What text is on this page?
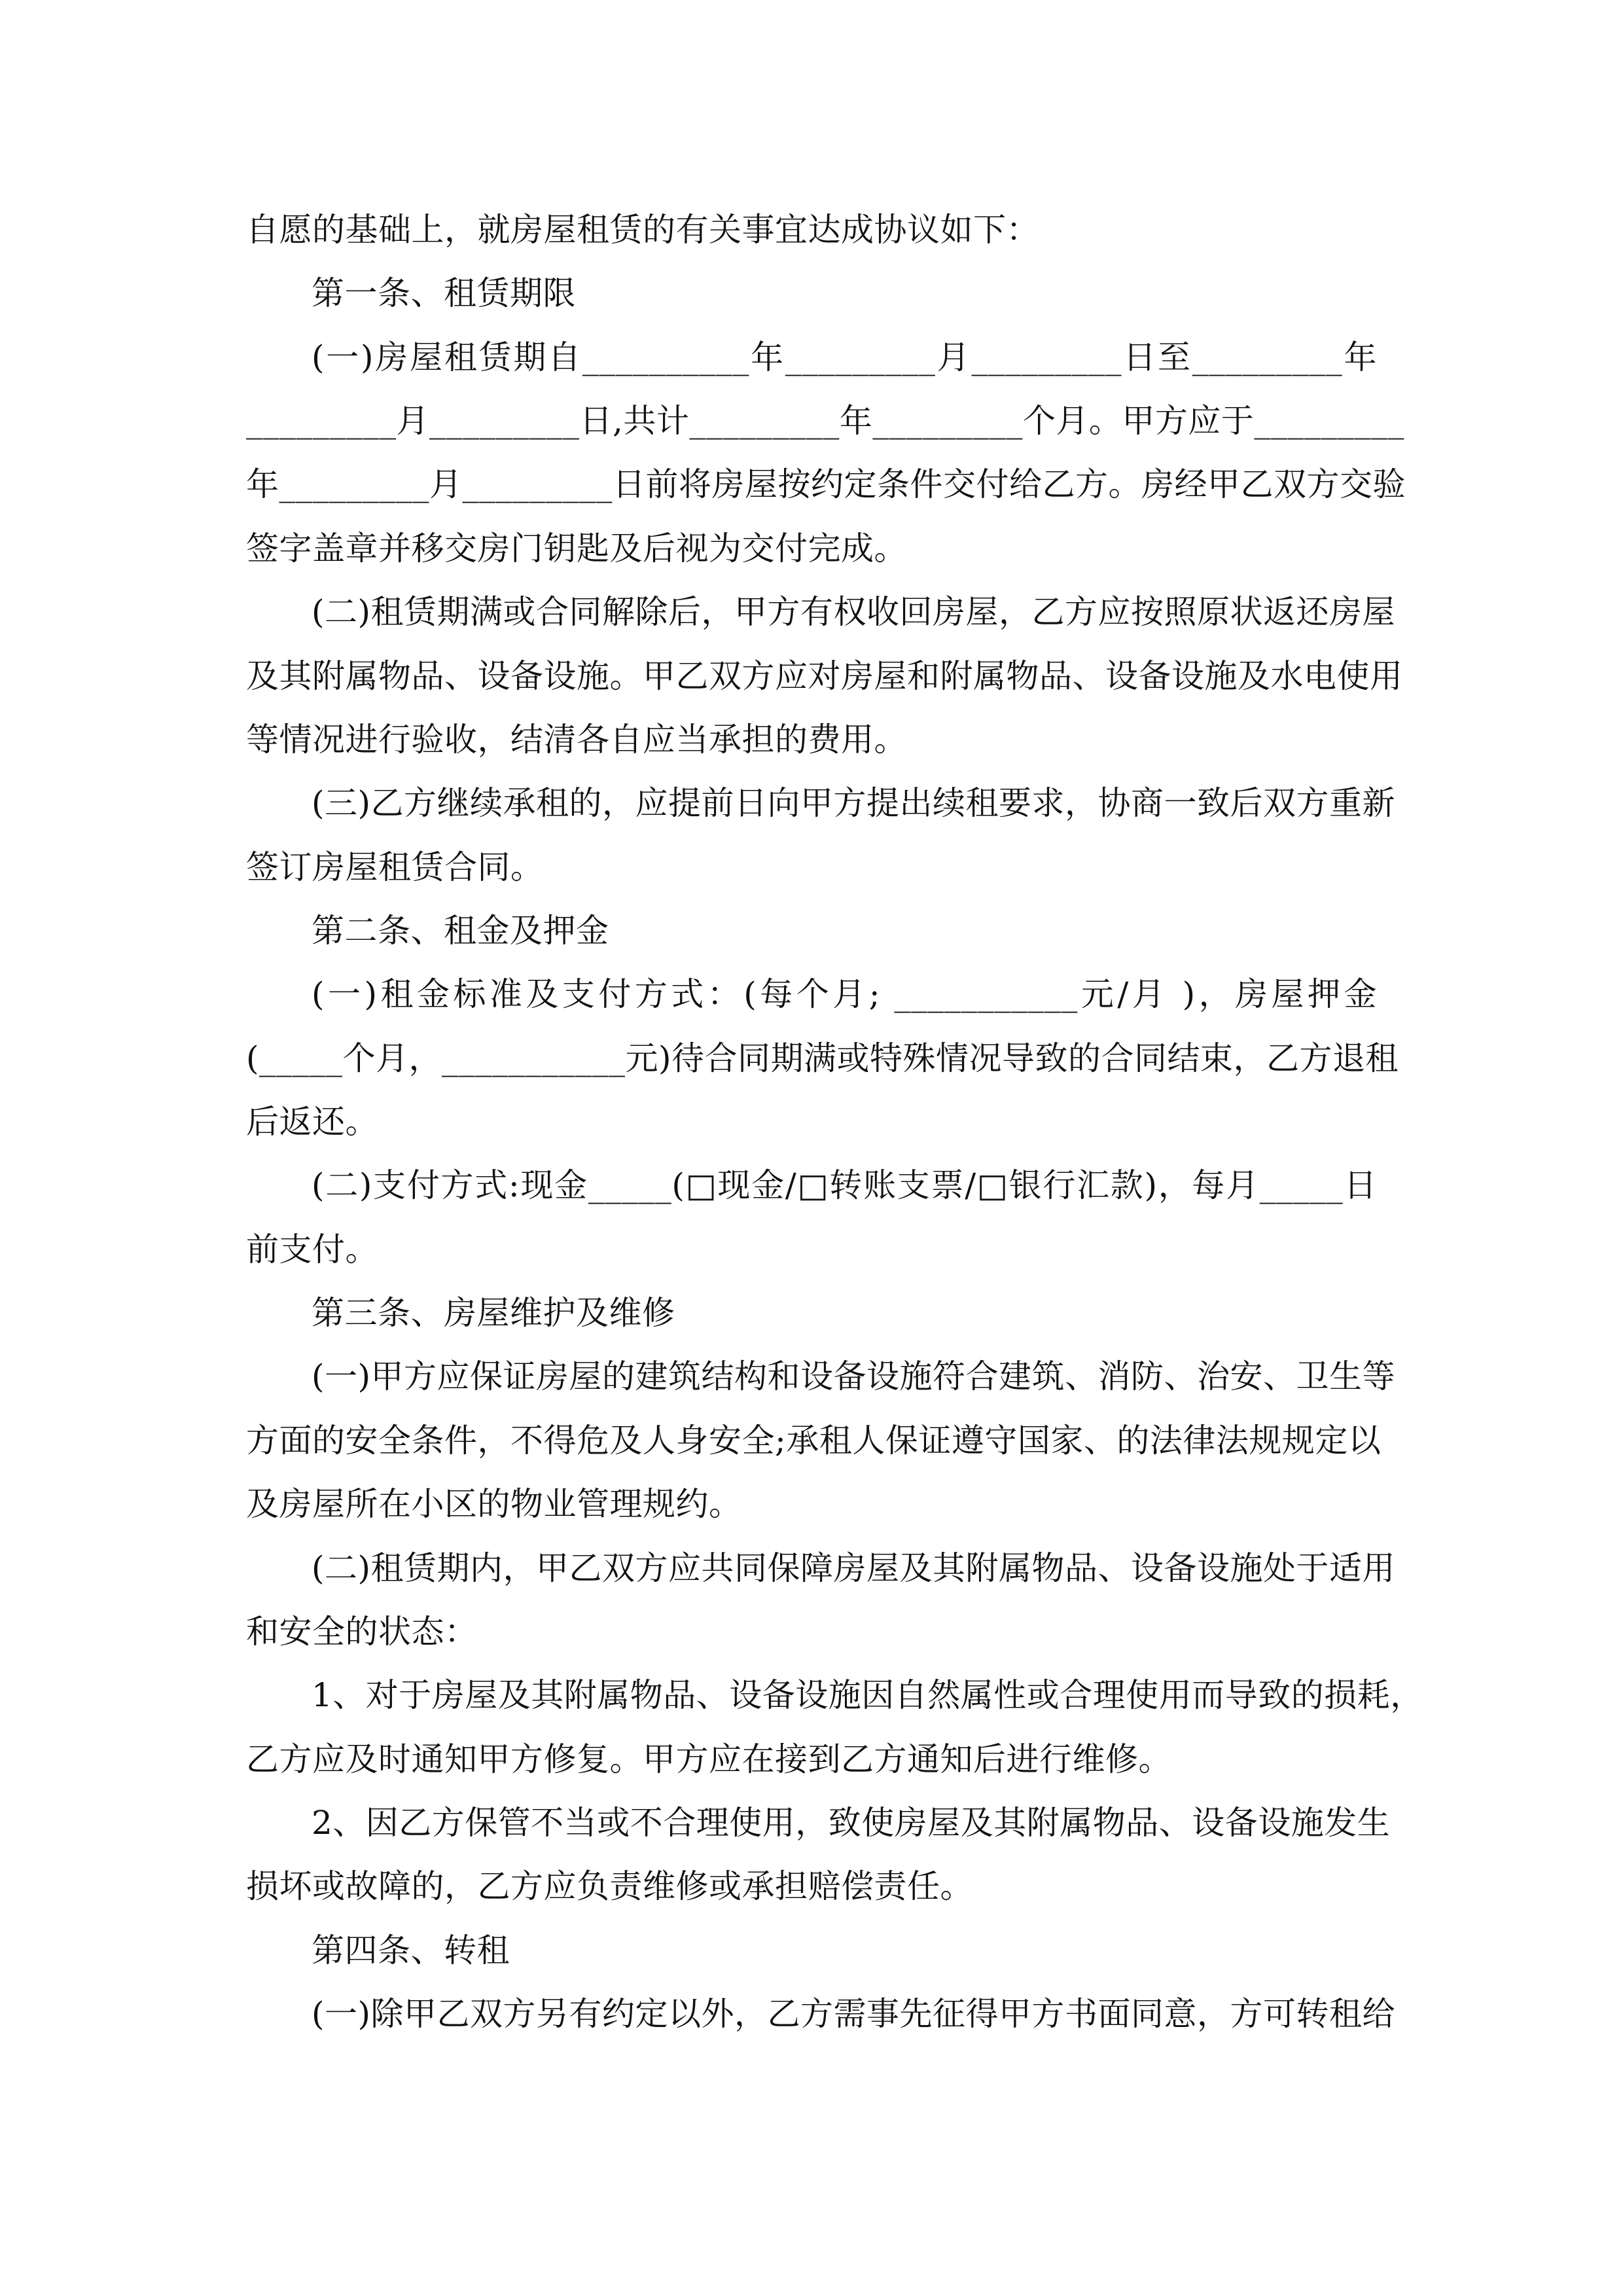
自愿的基础上，就房屋租赁的有关事宜达成协议如下：
第一条、租赁期限
(一)房屋租赁期自__________年_________月_________日至_________年
_________月_________日,共计_________年_________个月。甲方应于_________
年_________月_________日前将房屋按约定条件交付给乙方。房经甲乙双方交验
签字盖章并移交房门钥匙及后视为交付完成。
(二)租赁期满或合同解除后，甲方有权收回房屋，乙方应按照原状返还房屋
及其附属物品、设备设施。甲乙双方应对房屋和附属物品、设备设施及水电使用
等情况进行验收，结清各自应当承担的费用。
(三)乙方继续承租的，应提前日向甲方提出续租要求，协商一致后双方重新
签订房屋租赁合同。
第二条、租金及押金
(一)租金标准及支付方式：(每个月; ___________元/月 )，房屋押金
(_____个月，___________元)待合同期满或特殊情况导致的合同结束，乙方退租
后返还。
(二)支付方式:现金_____(□现金/□转账支票/□银行汇款)，每月_____日
前支付。
第三条、房屋维护及维修
(一)甲方应保证房屋的建筑结构和设备设施符合建筑、消防、治安、卫生等
方面的安全条件，不得危及人身安全;承租人保证遵守国家、的法律法规规定以
及房屋所在小区的物业管理规约。
(二)租赁期内，甲乙双方应共同保障房屋及其附属物品、设备设施处于适用
和安全的状态：
1、对于房屋及其附属物品、设备设施因自然属性或合理使用而导致的损耗，
乙方应及时通知甲方修复。甲方应在接到乙方通知后进行维修。
2、因乙方保管不当或不合理使用，致使房屋及其附属物品、设备设施发生
损坏或故障的，乙方应负责维修或承担赔偿责任。
第四条、转租
(一)除甲乙双方另有约定以外，乙方需事先征得甲方书面同意，方可转租给
